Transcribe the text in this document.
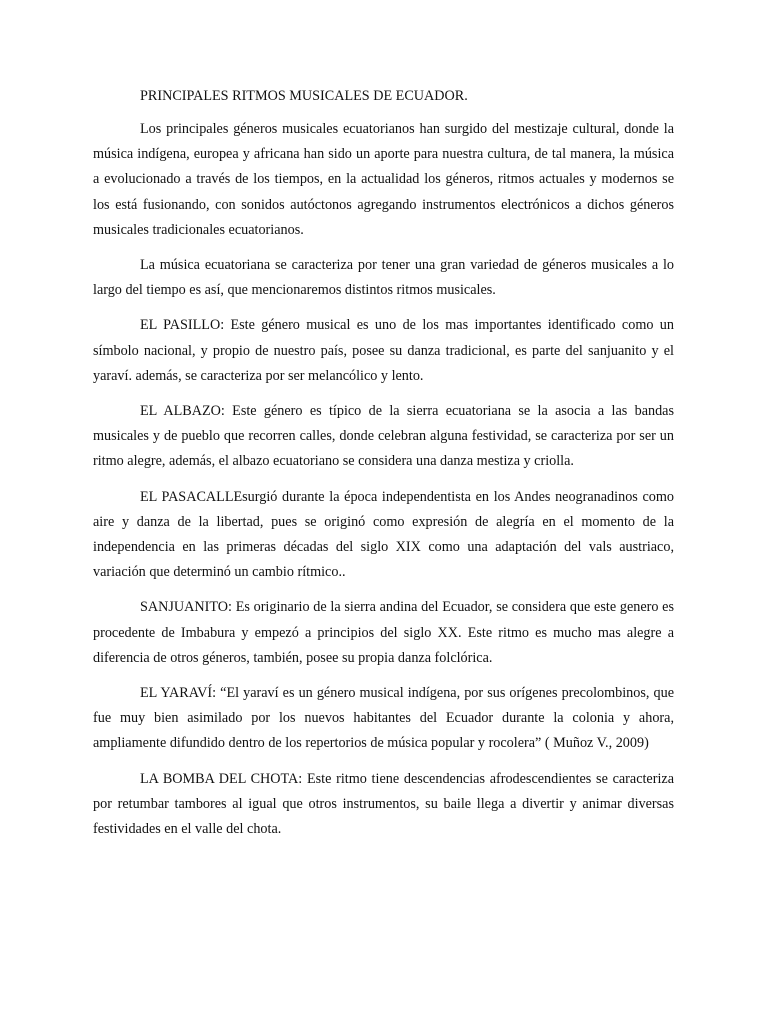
PRINCIPALES RITMOS MUSICALES DE ECUADOR.

Los principales géneros musicales ecuatorianos han surgido del mestizaje cultural, donde la música indígena, europea y africana han sido un aporte para nuestra cultura, de tal manera, la música a evolucionado a través de los tiempos, en la actualidad los géneros, ritmos actuales y modernos se los está fusionando, con sonidos autóctonos agregando instrumentos electrónicos a dichos géneros musicales tradicionales ecuatorianos.

La música ecuatoriana se caracteriza por tener una gran variedad de géneros musicales a lo largo del tiempo es así, que mencionaremos distintos ritmos musicales.

EL PASILLO: Este género musical es uno de los mas importantes identificado como un símbolo nacional, y propio de nuestro país, posee su danza tradicional, es parte del sanjuanito y el yaraví. además, se caracteriza por ser melancólico y lento.

EL ALBAZO: Este género es típico de la sierra ecuatoriana se la asocia a las bandas musicales y de pueblo que recorren calles, donde celebran alguna festividad, se caracteriza por ser un ritmo alegre, además, el albazo ecuatoriano se considera una danza mestiza y criolla.

EL PASACALLEsurgió durante la época independentista en los Andes neogranadinos como aire y danza de la libertad, pues se originó como expresión de alegría en el momento de la independencia en las primeras décadas del siglo XIX como una adaptación del vals austriaco, variación que determinó un cambio rítmico..

SANJUANITO: Es originario de la sierra andina del Ecuador, se considera que este genero es procedente de Imbabura y empezó a principios del siglo XX. Este ritmo es mucho mas alegre a diferencia de otros géneros, también, posee su propia danza folclórica.

EL YARAVÍ: “El yaraví es un género musical indígena, por sus orígenes precolombinos, que fue muy bien asimilado por los nuevos habitantes del Ecuador durante la colonia y ahora, ampliamente difundido dentro de los repertorios de música popular y rocolera” ( Muñoz V., 2009)

LA BOMBA DEL CHOTA: Este ritmo tiene descendencias afrodescendientes se caracteriza por retumbar tambores al igual que otros instrumentos, su baile llega a divertir y animar diversas festividades en el valle del chota.
